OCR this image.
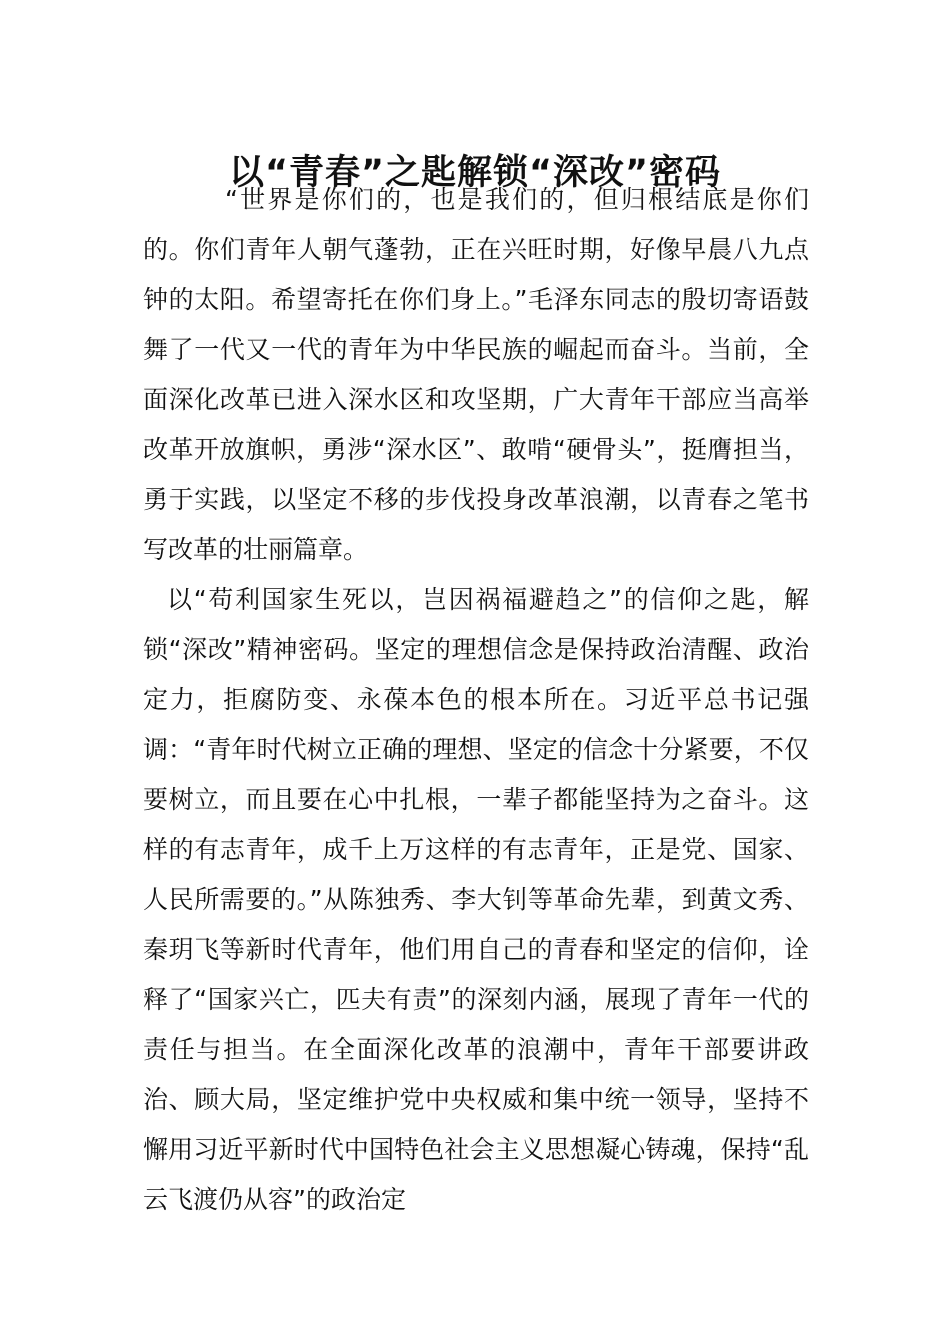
以“青春”之匙解锁“深改”密码

“世界是你们的，也是我们的，但归根结底是你们的。你们青年人朝气蓬勃，正在兴旺时期，好像早晨八九点钟的太阳。希望寄托在你们身上。”毛泽东同志的殷切寄语鼓舞了一代又一代的青年为中华民族的崛起而奋斗。当前，全面深化改革已进入深水区和攻坚期，广大青年干部应当高举改革开放旗帜，勇涉“深水区”、敢啃“硬骨头”，挺膺担当，勇于实践，以坚定不移的步伐投身改革浪潮，以青春之笔书写改革的壮丽篇章。

以“苟利国家生死以，岂因祸福避趋之”的信仰之匙，解锁“深改”精神密码。坚定的理想信念是保持政治清醒、政治定力，拒腐防变、永葆本色的根本所在。习近平总书记强调：“青年时代树立正确的理想、坚定的信念十分紧要，不仅要树立，而且要在心中扎根，一辈子都能坚持为之奋斗。这样的有志青年，成千上万这样的有志青年，正是党、国家、人民所需要的。”从陈独秀、李大钊等革命先辈，到黄文秀、秦玥飞等新时代青年，他们用自己的青春和坚定的信仰，诠释了“国家兴亡，匹夫有责”的深刻内涵，展现了青年一代的责任与担当。在全面深化改革的浪潮中，青年干部要讲政治、顾大局，坚定维护党中央权威和集中统一领导，坚持不懈用习近平新时代中国特色社会主义思想凝心铸魂，保持“乱云飞渡仍从容”的政治定
